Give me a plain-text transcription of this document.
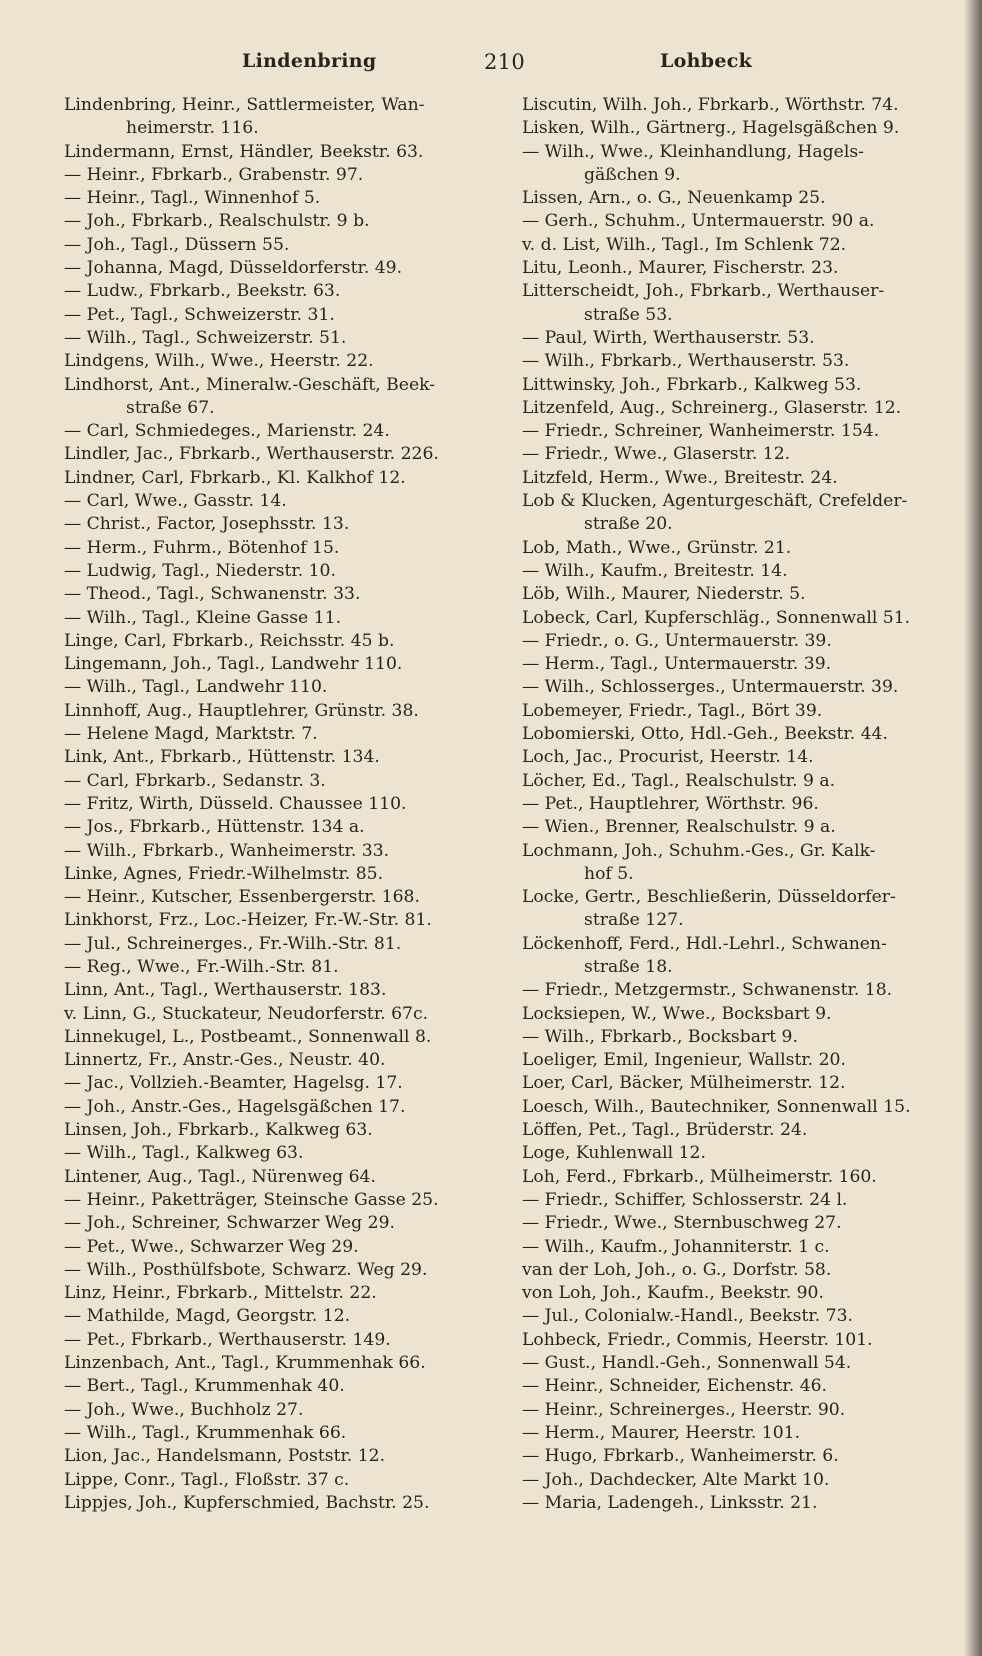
Lindenbring	210	Lohbeck
Lindenbring, Heinr., Sattlermeister, Wan-
heimerstr. 116.
Lindermann, Ernst, Händler, Beekstr. 63.
— Heinr., Fbrkarb., Grabenstr. 97.
— Heinr., Tagl., Winnenhof 5.
— Joh., Fbrkarb., Realschulstr. 9 b.
— Joh., Tagl., Düssern 55.
— Johanna, Magd, Düsseldorferstr. 49.
— Ludw., Fbrkarb., Beekstr. 63.
— Pet., Tagl., Schweizerstr. 31.
— Wilh., Tagl., Schweizerstr. 51.
Lindgens, Wilh., Wwe., Heerstr. 22.
Lindhorst, Ant., Mineralw.-Geschäft, Beek-
straße 67.
— Carl, Schmiedeges., Marienstr. 24.
Lindler, Jac., Fbrkarb., Werthauserstr. 226.
Lindner, Carl, Fbrkarb., Kl. Kalkhof 12.
— Carl, Wwe., Gasstr. 14.
— Christ., Factor, Josephsstr. 13.
— Herm., Fuhrm., Bötenhof 15.
— Ludwig, Tagl., Niederstr. 10.
— Theod., Tagl., Schwanenstr. 33.
— Wilh., Tagl., Kleine Gasse 11.
Linge, Carl, Fbrkarb., Reichsstr. 45 b.
Lingemann, Joh., Tagl., Landwehr 110.
— Wilh., Tagl., Landwehr 110.
Linnhoff, Aug., Hauptlehrer, Grünstr. 38.
— Helene Magd, Marktstr. 7.
Link, Ant., Fbrkarb., Hüttenstr. 134.
— Carl, Fbrkarb., Sedanstr. 3.
— Fritz, Wirth, Düsseld. Chaussee 110.
— Jos., Fbrkarb., Hüttenstr. 134 a.
— Wilh., Fbrkarb., Wanheimerstr. 33.
Linke, Agnes, Friedr.-Wilhelmstr. 85.
— Heinr., Kutscher, Essenbergerstr. 168.
Linkhorst, Frz., Loc.-Heizer, Fr.-W.-Str. 81.
— Jul., Schreinerges., Fr.-Wilh.-Str. 81.
— Reg., Wwe., Fr.-Wilh.-Str. 81.
Linn, Ant., Tagl., Werthauserstr. 183.
v. Linn, G., Stuckateur, Neudorferstr. 67c.
Linnekugel, L., Postbeamt., Sonnenwall 8.
Linnertz, Fr., Anstr.-Ges., Neustr. 40.
— Jac., Vollzieh.-Beamter, Hagelsg. 17.
— Joh., Anstr.-Ges., Hagelsgäßchen 17.
Linsen, Joh., Fbrkarb., Kalkweg 63.
— Wilh., Tagl., Kalkweg 63.
Lintener, Aug., Tagl., Nürenweg 64.
— Heinr., Paketträger, Steinsche Gasse 25.
— Joh., Schreiner, Schwarzer Weg 29.
— Pet., Wwe., Schwarzer Weg 29.
— Wilh., Posthülfsbote, Schwarz. Weg 29.
Linz, Heinr., Fbrkarb., Mittelstr. 22.
— Mathilde, Magd, Georgstr. 12.
— Pet., Fbrkarb., Werthauserstr. 149.
Linzenbach, Ant., Tagl., Krummenhak 66.
— Bert., Tagl., Krummenhak 40.
— Joh., Wwe., Buchholz 27.
— Wilh., Tagl., Krummenhak 66.
Lion, Jac., Handelsmann, Poststr. 12.
Lippe, Conr., Tagl., Floßstr. 37 c.
Lippjes, Joh., Kupferschmied, Bachstr. 25.
Liscutin, Wilh. Joh., Fbrkarb., Wörthstr. 74.
Lisken, Wilh., Gärtnerg., Hagelsgäßchen 9.
— Wilh., Wwe., Kleinhandlung, Hagels-
gäßchen 9.
Lissen, Arn., o. G., Neuenkamp 25.
— Gerh., Schuhm., Untermauerstr. 90 a.
v. d. List, Wilh., Tagl., Im Schlenk 72.
Litu, Leonh., Maurer, Fischerstr. 23.
Litterscheidt, Joh., Fbrkarb., Werthauser-
straße 53.
— Paul, Wirth, Werthauserstr. 53.
— Wilh., Fbrkarb., Werthauserstr. 53.
Littwinsky, Joh., Fbrkarb., Kalkweg 53.
Litzenfeld, Aug., Schreinerg., Glaserstr. 12.
— Friedr., Schreiner, Wanheimerstr. 154.
— Friedr., Wwe., Glaserstr. 12.
Litzfeld, Herm., Wwe., Breitestr. 24.
Lob & Klucken, Agenturgeschäft, Crefelder-
straße 20.
Lob, Math., Wwe., Grünstr. 21.
— Wilh., Kaufm., Breitestr. 14.
Löb, Wilh., Maurer, Niederstr. 5.
Lobeck, Carl, Kupferschläg., Sonnenwall 51.
— Friedr., o. G., Untermauerstr. 39.
— Herm., Tagl., Untermauerstr. 39.
— Wilh., Schlosserges., Untermauerstr. 39.
Lobemeyer, Friedr., Tagl., Bört 39.
Lobomierski, Otto, Hdl.-Geh., Beekstr. 44.
Loch, Jac., Procurist, Heerstr. 14.
Löcher, Ed., Tagl., Realschulstr. 9 a.
— Pet., Hauptlehrer, Wörthstr. 96.
— Wien., Brenner, Realschulstr. 9 a.
Lochmann, Joh., Schuhm.-Ges., Gr. Kalk-
hof 5.
Locke, Gertr., Beschließerin, Düsseldorfer-
straße 127.
Löckenhoff, Ferd., Hdl.-Lehrl., Schwanen-
straße 18.
— Friedr., Metzgermstr., Schwanenstr. 18.
Locksiepen, W., Wwe., Bocksbart 9.
— Wilh., Fbrkarb., Bocksbart 9.
Loeliger, Emil, Ingenieur, Wallstr. 20.
Loer, Carl, Bäcker, Mülheimerstr. 12.
Loesch, Wilh., Bautechniker, Sonnenwall 15.
Löffen, Pet., Tagl., Brüderstr. 24.
Loge, Kuhlenwall 12.
Loh, Ferd., Fbrkarb., Mülheimerstr. 160.
— Friedr., Schiffer, Schlosserstr. 24 l.
— Friedr., Wwe., Sternbuschweg 27.
— Wilh., Kaufm., Johanniterstr. 1 c.
van der Loh, Joh., o. G., Dorfstr. 58.
von Loh, Joh., Kaufm., Beekstr. 90.
— Jul., Colonialw.-Handl., Beekstr. 73.
Lohbeck, Friedr., Commis, Heerstr. 101.
— Gust., Handl.-Geh., Sonnenwall 54.
— Heinr., Schneider, Eichenstr. 46.
— Heinr., Schreinerges., Heerstr. 90.
— Herm., Maurer, Heerstr. 101.
— Hugo, Fbrkarb., Wanheimerstr. 6.
— Joh., Dachdecker, Alte Markt 10.
— Maria, Ladengeh., Linksstr. 21.
